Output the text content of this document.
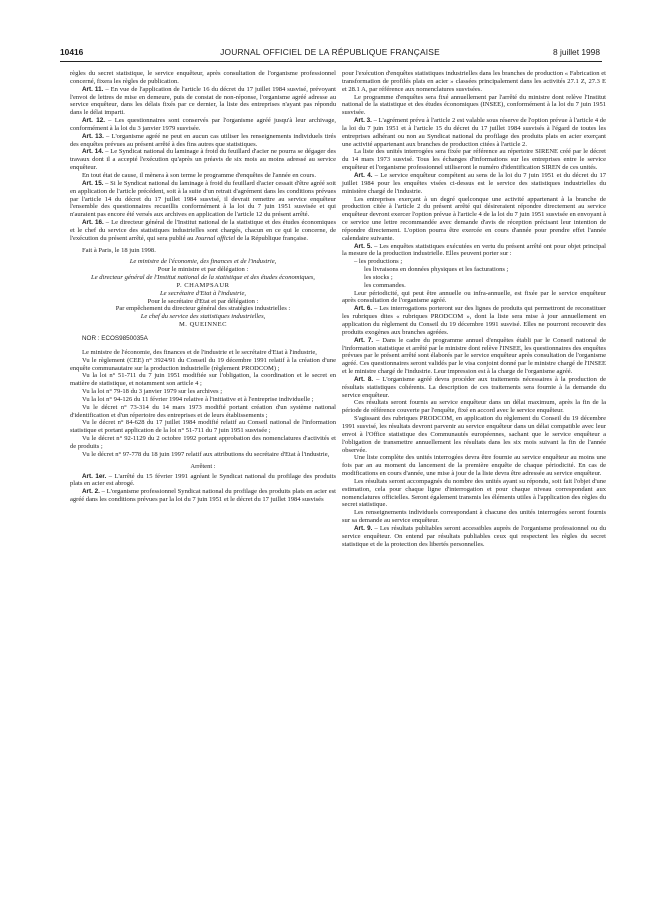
10416	JOURNAL OFFICIEL DE LA RÉPUBLIQUE FRANÇAISE	8 juillet 1998

règles du secret statistique, le service enquêteur, après consultation de l'organisme professionnel concerné, fixera les règles de publication.

Art. 11. – En vue de l'application de l'article 16 du décret du 17 juillet 1984 susvisé, prévoyant l'envoi de lettres de mise en demeure, puis de constat de non-réponse, l'organisme agréé adresse au service enquêteur, dans les délais fixés par ce dernier, la liste des entreprises n'ayant pas répondu dans le délai imparti.

Art. 12. – Les questionnaires sont conservés par l'organisme agréé jusqu'à leur archivage, conformément à la loi du 3 janvier 1979 susvisée.

Art. 13. – L'organisme agréé ne peut en aucun cas utiliser les renseignements individuels tirés des enquêtes prévues au présent arrêté à des fins autres que statistiques.

Art. 14. – Le Syndicat national du laminage à froid du feuillard d'acier ne pourra se dégager des travaux dont il a accepté l'exécution qu'après un préavis de six mois au moins adressé au service enquêteur.

En tout état de cause, il mènera à son terme le programme d'enquêtes de l'année en cours.

Art. 15. – Si le Syndicat national du laminage à froid du feuillard d'acier cessait d'être agréé soit en application de l'article précédent, soit à la suite d'un retrait d'agrément dans les conditions prévues par l'article 14 du décret du 17 juillet 1984 susvisé, il devrait remettre au service enquêteur l'ensemble des questionnaires recueillis conformément à la loi du 7 juin 1951 susvisée et qui n'auraient pas encore été versés aux archives en application de l'article 12 du présent arrêté.

Art. 16. – Le directeur général de l'Institut national de la statistique et des études économiques et le chef du service des statistiques industrielles sont chargés, chacun en ce qui le concerne, de l'exécution du présent arrêté, qui sera publié au Journal officiel de la République française.

Fait à Paris, le 18 juin 1998.

Le ministre de l'économie, des finances et de l'industrie,

Pour le ministre et par délégation :

Le directeur général de l'Institut national de la statistique et des études économiques,

P. CHAMPSAUR

Le secrétaire d'Etat à l'industrie,

Pour le secrétaire d'Etat et par délégation :

Par empêchement du directeur général des stratégies industrielles :

Le chef du service des statistiques industrielles,

M. QUEINNEC

NOR : ECOS9850035A

Le ministre de l'économie, des finances et de l'industrie et le secrétaire d'Etat à l'industrie,

Vu le règlement (CEE) n° 3924/91 du Conseil du 19 décembre 1991 relatif à la création d'une enquête communautaire sur la production industrielle (règlement PRODCOM) ;

Vu la loi n° 51-711 du 7 juin 1951 modifiée sur l'obligation, la coordination et le secret en matière de statistique, et notamment son article 4 ;

Vu la loi n° 79-18 du 3 janvier 1979 sur les archives ;

Vu la loi n° 94-126 du 11 février 1994 relative à l'initiative et à l'entreprise individuelle ;

Vu le décret n° 73-314 du 14 mars 1973 modifié portant création d'un système national d'identification et d'un répertoire des entreprises et de leurs établissements ;

Vu le décret n° 84-628 du 17 juillet 1984 modifié relatif au Conseil national de l'information statistique et portant application de la loi n° 51-711 du 7 juin 1951 susvisée ;

Vu le décret n° 92-1129 du 2 octobre 1992 portant approbation des nomenclatures d'activités et de produits ;

Vu le décret n° 97-778 du 18 juin 1997 relatif aux attributions du secrétaire d'Etat à l'industrie,

Arrêtent :

Art. 1er. – L'arrêté du 15 février 1991 agréant le Syndicat national du profilage des produits plats en acier est abrogé.

Art. 2. – L'organisme professionnel Syndicat national du profilage des produits plats en acier est agréé dans les conditions prévues par la loi du 7 juin 1951 et le décret du 17 juillet 1984 susvisés

pour l'exécution d'enquêtes statistiques industrielles dans les branches de production « Fabrication et transformation de profilés plats en acier » classées principalement dans les activités 27.1 Z, 27.3 E et 28.1 A, par référence aux nomenclatures susvisées.

Le programme d'enquêtes sera fixé annuellement par l'arrêté du ministre dont relève l'Institut national de la statistique et des études économiques (INSEE), conformément à la loi du 7 juin 1951 susvisée.

Art. 3. – L'agrément prévu à l'article 2 est valable sous réserve de l'option prévue à l'article 4 de la loi du 7 juin 1951 et à l'article 15 du décret du 17 juillet 1984 susvisés à l'égard de toutes les entreprises adhérant ou non au Syndicat national du profilage des produits plats en acier exerçant une activité appartenant aux branches de production citées à l'article 2.

La liste des unités interrogées sera fixée par référence au répertoire SIRENE créé par le décret du 14 mars 1973 susvisé. Tous les échanges d'informations sur les entreprises entre le service enquêteur et l'organisme professionnel utiliseront le numéro d'identification SIREN de ces unités.

Art. 4. – Le service enquêteur compétent au sens de la loi du 7 juin 1951 et du décret du 17 juillet 1984 pour les enquêtes visées ci-dessus est le service des statistiques industrielles du ministère chargé de l'industrie.

Les entreprises exerçant à un degré quelconque une activité appartenant à la branche de production citée à l'article 2 du présent arrêté qui désireraient répondre directement au service enquêteur devront exercer l'option prévue à l'article 4 de la loi du 7 juin 1951 susvisée en envoyant à ce service une lettre recommandée avec demande d'avis de réception précisant leur intention de répondre directement. L'option pourra être exercée en cours d'année pour prendre effet l'année calendaire suivante.

Art. 5. – Les enquêtes statistiques exécutées en vertu du présent arrêté ont pour objet principal la mesure de la production industrielle. Elles peuvent porter sur :

– les productions ;
les livraisons en données physiques et les facturations ;
les stocks ;
les commandes.

Leur périodicité, qui peut être annuelle ou infra-annuelle, est fixée par le service enquêteur après consultation de l'organisme agréé.

Art. 6. – Les interrogations porteront sur des lignes de produits qui permettront de reconstituer les rubriques dites « rubriques PRODCOM », dont la liste sera mise à jour annuellement en application du règlement du Conseil du 19 décembre 1991 susvisé. Elles ne pourront recouvrir des produits exogènes aux branches agréées.

Art. 7. – Dans le cadre du programme annuel d'enquêtes établi par le Conseil national de l'information statistique et arrêté par le ministre dont relève l'INSEE, les questionnaires des enquêtes prévues par le présent arrêté sont élaborés par le service enquêteur après consultation de l'organisme agréé. Ces questionnaires seront validés par le visa conjoint donné par le ministre chargé de l'INSEE et le ministre chargé de l'industrie. Leur impression est à la charge de l'organisme agréé.

Art. 8. – L'organisme agréé devra procéder aux traitements nécessaires à la production de résultats statistiques cohérents. La description de ces traitements sera fournie à la demande du service enquêteur.

Ces résultats seront fournis au service enquêteur dans un délai maximum, après la fin de la période de référence couverte par l'enquête, fixé en accord avec le service enquêteur.

S'agissant des rubriques PRODCOM, en application du règlement du Conseil du 19 décembre 1991 susvisé, les résultats devront parvenir au service enquêteur dans un délai compatible avec leur envoi à l'Office statistique des Communautés européennes, sachant que le service enquêteur a l'obligation de transmettre annuellement les résultats dans les six mois suivant la fin de l'année observée.

Une liste complète des unités interrogées devra être fournie au service enquêteur au moins une fois par an au moment du lancement de la première enquête de chaque périodicité. En cas de modifications en cours d'année, une mise à jour de la liste devra être adressée au service enquêteur.

Les résultats seront accompagnés du nombre des unités ayant su répondu, soit fait l'objet d'une estimation, cela pour chaque ligne d'interrogation et pour chaque niveau correspondant aux nomenclatures officielles. Seront également transmis les éléments utiles à l'application des règles du secret statistique.

Les renseignements individuels correspondant à chacune des unités interrogées seront fournis sur sa demande au service enquêteur.

Art. 9. – Les résultats publiables seront accessibles auprès de l'organisme professionnel ou du service enquêteur. On entend par résultats publiables ceux qui respectent les règles du secret statistique et de la protection des libertés personnelles.
